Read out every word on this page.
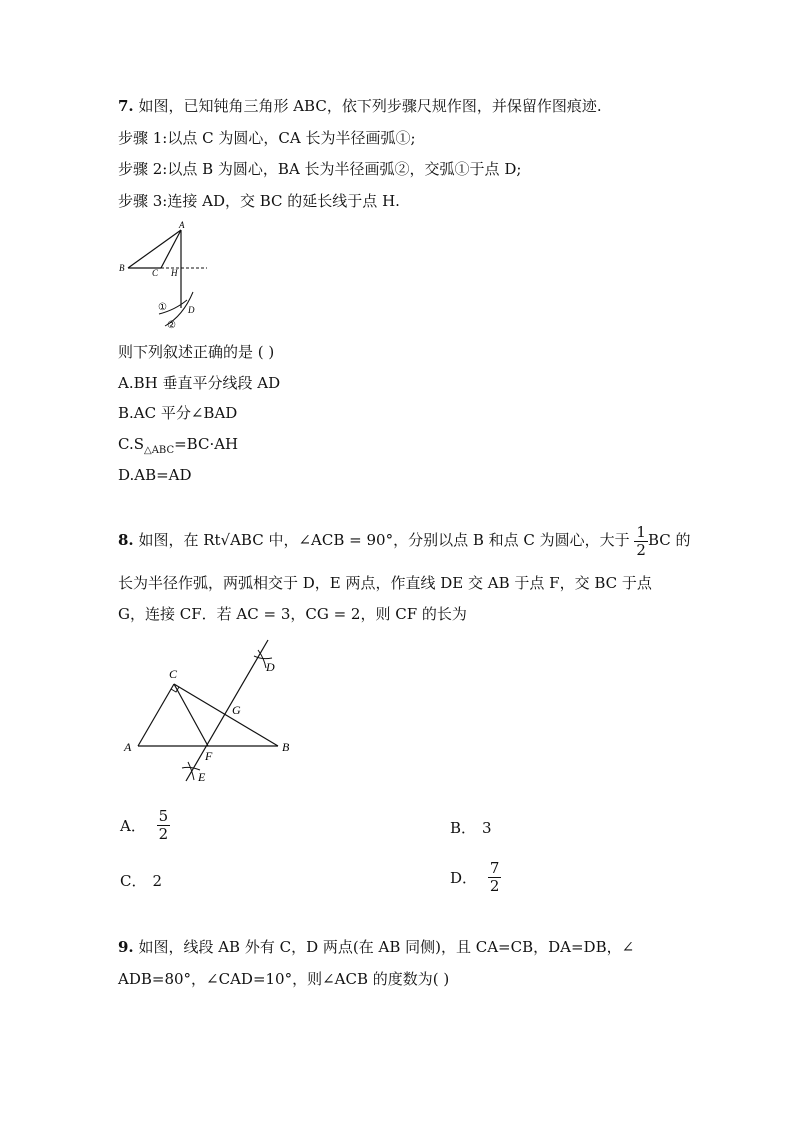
7. 如图，已知钝角三角形 ABC，依下列步骤尺规作图，并保留作图痕迹.
步骤 1:以点 C 为圆心，CA 长为半径画弧①;
步骤 2:以点 B 为圆心，BA 长为半径画弧②，交弧①于点 D;
步骤 3:连接 AD，交 BC 的延长线于点 H.
A
B	C H
D
①
②
则下列叙述正确的是 ( )
A.BH 垂直平分线段 AD
B.AC 平分∠BAD
$C.S_{\triangle ABC}=BC\cdot AH$
D.AB=AD
8. 如图，在 Rt√ABC 中，∠ACB = 90°，分别以点 B 和点 C 为圆心，大于 $\frac{1}{2}$ BC 的
长为半径作弧，两弧相交于 D，E 两点，作直线 DE 交 AB 于点 F，交 BC 于点
G，连接 CF．若 AC = 3，CG = 2，则 CF 的长为
A	B
C	D
E
F
G
A． $\frac{5}{2}$	B． 3
C． 2	D． $\frac{7}{2}$
9. 如图，线段 AB 外有 C，D 两点(在 AB 同侧)，且 CA=CB，DA=DB，∠
ADB=80°，∠CAD=10°，则∠ACB 的度数为( )
